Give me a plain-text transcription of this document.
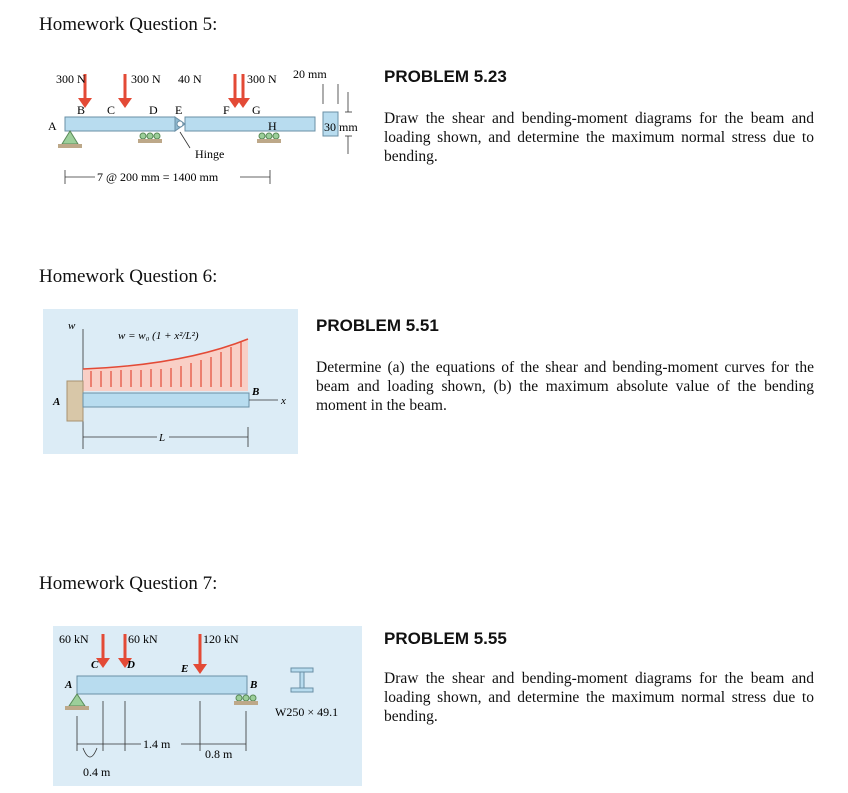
Homework Question 5:
300 N	300 N 40 N	300 N
A
B C	D E	F G
H
Hinge
7 @ 200 mm = 1400 mm
20 mm
30 mm
PROBLEM 5.23
Draw the shear and bending-moment diagrams for the beam and loading shown, and determine the maximum normal stress due to bending.
Homework Question 6:
w
w = w₀ (1 + x²/L²)
A
B
x
L
PROBLEM 5.51
Determine (a) the equations of the shear and bending-moment curves for the beam and loading shown, (b) the maximum absolute value of the bending moment in the beam.
Homework Question 7:
60 kN	60 kN	120 kN
C	D	E
A	B
0.4 m
1.4 m
0.8 m
W250 × 49.1
PROBLEM 5.55
Draw the shear and bending-moment diagrams for the beam and loading shown, and determine the maximum normal stress due to bending.
